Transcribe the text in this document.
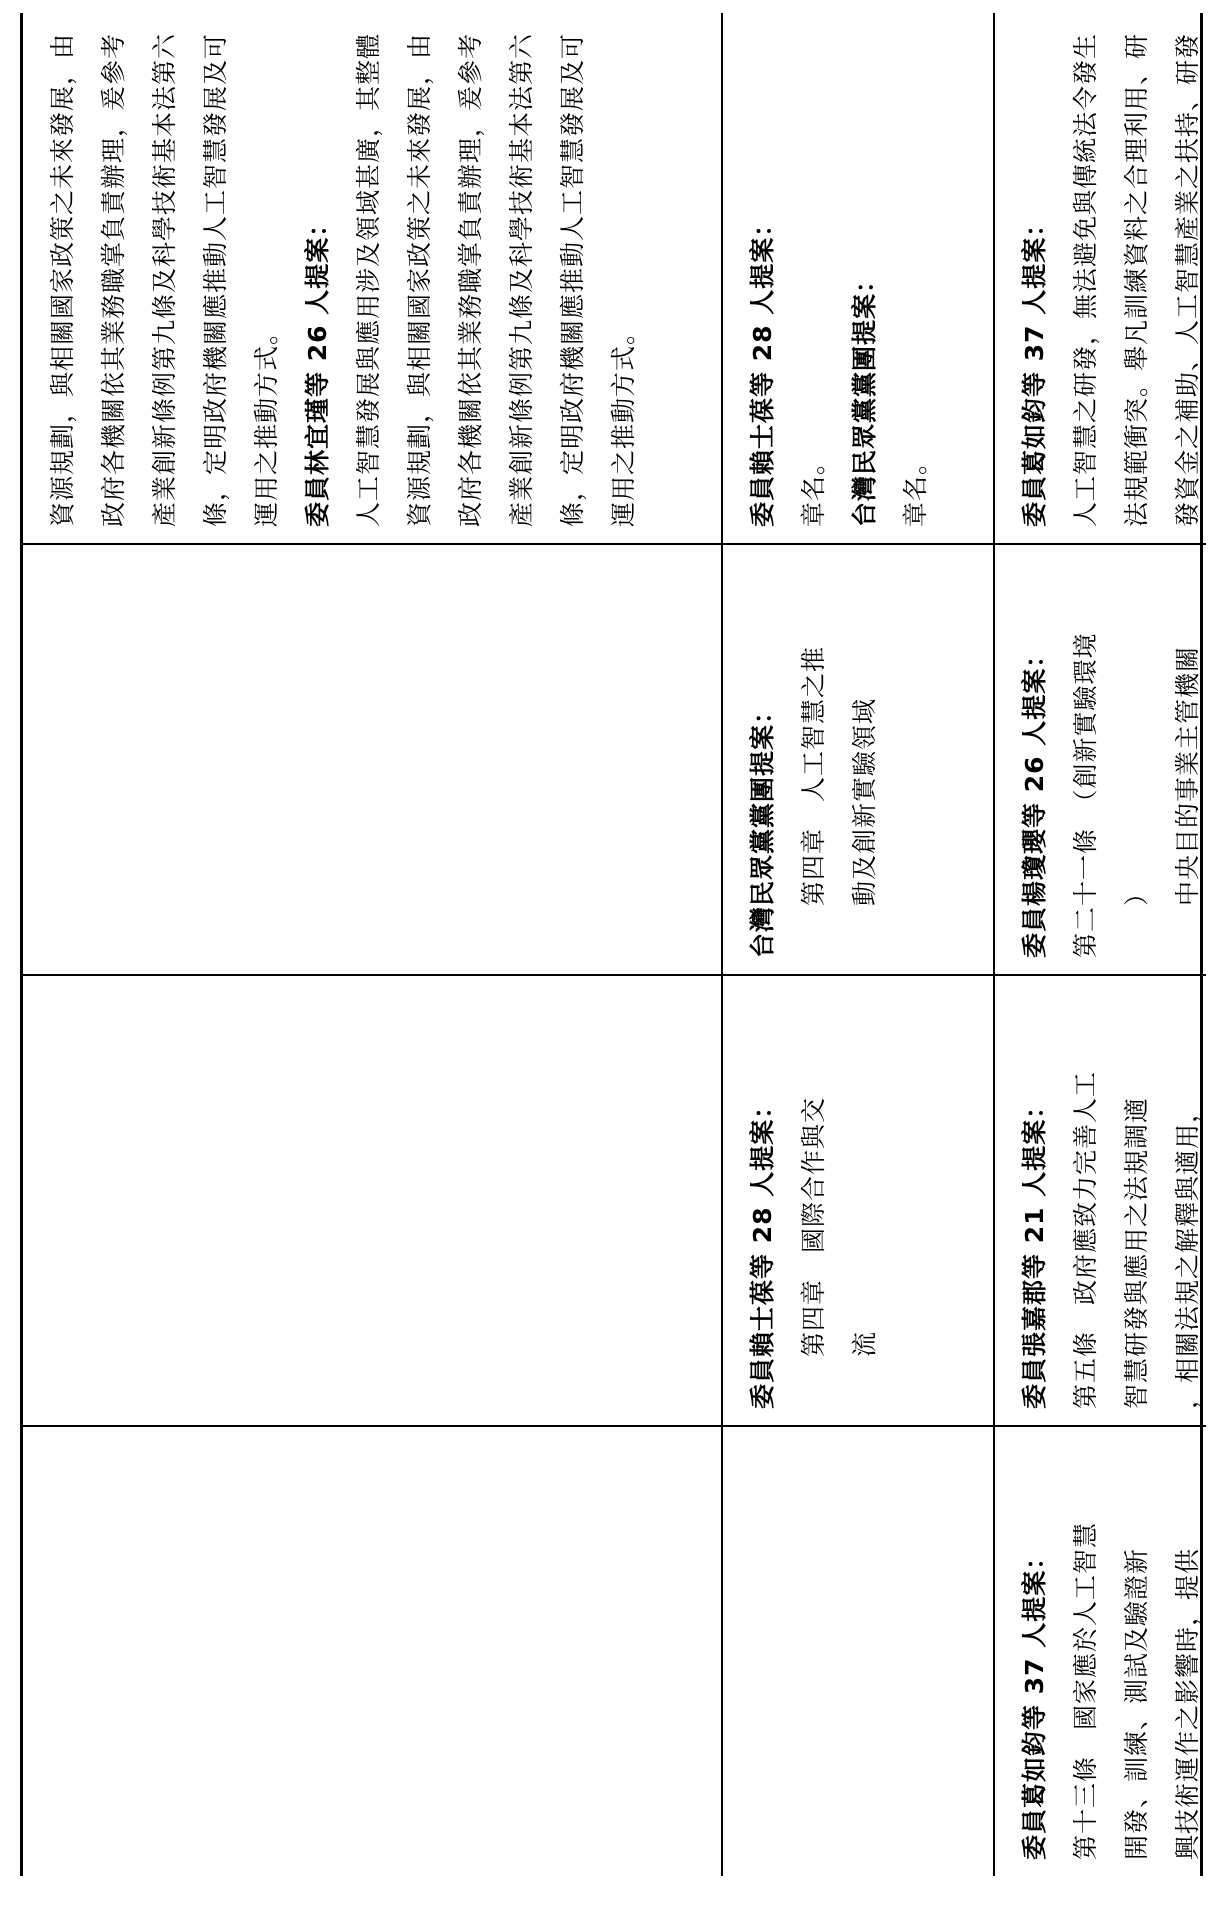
資源規劃，與相關國家政策之未來發展，由 政府各機關依其業務職掌負責辦理，爰參考 產業創新條例第九條及科學技術基本法第六 條，定明政府機關應推動人工智慧發展及可 運用之推動方式。 委員林宜瑾等 26 人提案： 人工智慧發展與應用涉及領域甚廣，其整體 資源規劃，與相關國家政策之未來發展，由 政府各機關依其業務職掌負責辦理，爰參考 產業創新條例第九條及科學技術基本法第六 條，定明政府機關應推動人工智慧發展及可 運用之推動方式。
委員賴士葆等 28 人提案： 第四章　國際合作與交 流
台灣民眾黨黨團提案： 第四章　人工智慧之推 動及創新實驗領域
委員賴士葆等 28 人提案： 章名。 台灣民眾黨黨團提案： 章名。
委員葛如鈞等 37 人提案： 第十三條　國家應於人工智慧 開發、訓練、測試及驗證新 興技術運作之影響時，提供
委員張嘉郡等 21 人提案： 第五條　政府應致力完善人工 智慧研發與應用之法規調適 ，相關法規之解釋與適用，
委員楊瓊瓔等 26 人提案： 第二十一條　（創新實驗環境 ） 中央目的事業主管機關
委員葛如鈞等 37 人提案： 人工智慧之研發，無法避免與傳統法令發生 法規範衝突。舉凡訓練資料之合理利用、研 發資金之補助、人工智慧產業之扶持、研發
